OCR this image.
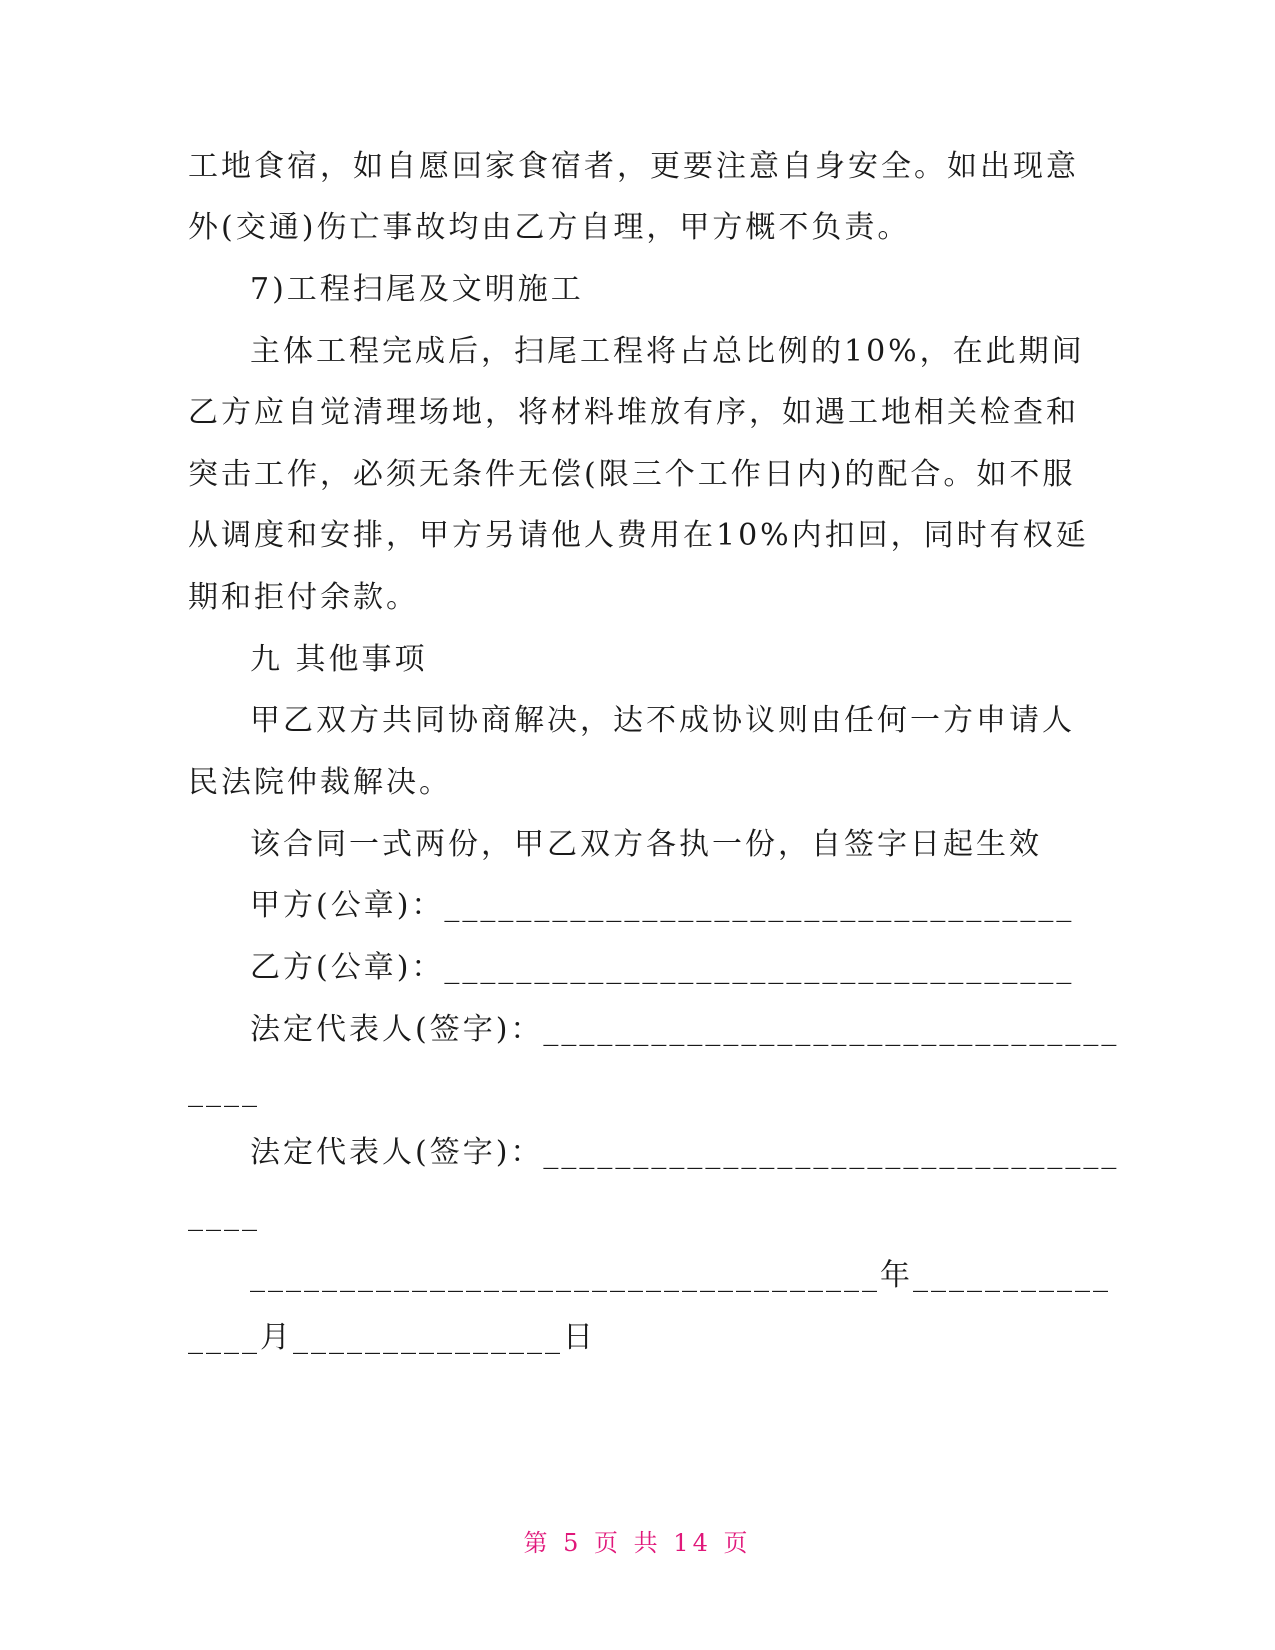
工地食宿，如自愿回家食宿者，更要注意自身安全。如出现意
外(交通)伤亡事故均由乙方自理，甲方概不负责。
7)工程扫尾及文明施工
主体工程完成后，扫尾工程将占总比例的10%，在此期间
乙方应自觉清理场地，将材料堆放有序，如遇工地相关检查和
突击工作，必须无条件无偿(限三个工作日内)的配合。如不服
从调度和安排，甲方另请他人费用在10%内扣回，同时有权延
期和拒付余款。
九 其他事项
甲乙双方共同协商解决，达不成协议则由任何一方申请人
民法院仲裁解决。
该合同一式两份，甲乙双方各执一份，自签字日起生效
甲方(公章)：___________________________________
乙方(公章)：___________________________________
法定代表人(签字)：________________________________
____
法定代表人(签字)：________________________________
____
___________________________________年___________
____月_______________日
第 5 页 共 14 页
